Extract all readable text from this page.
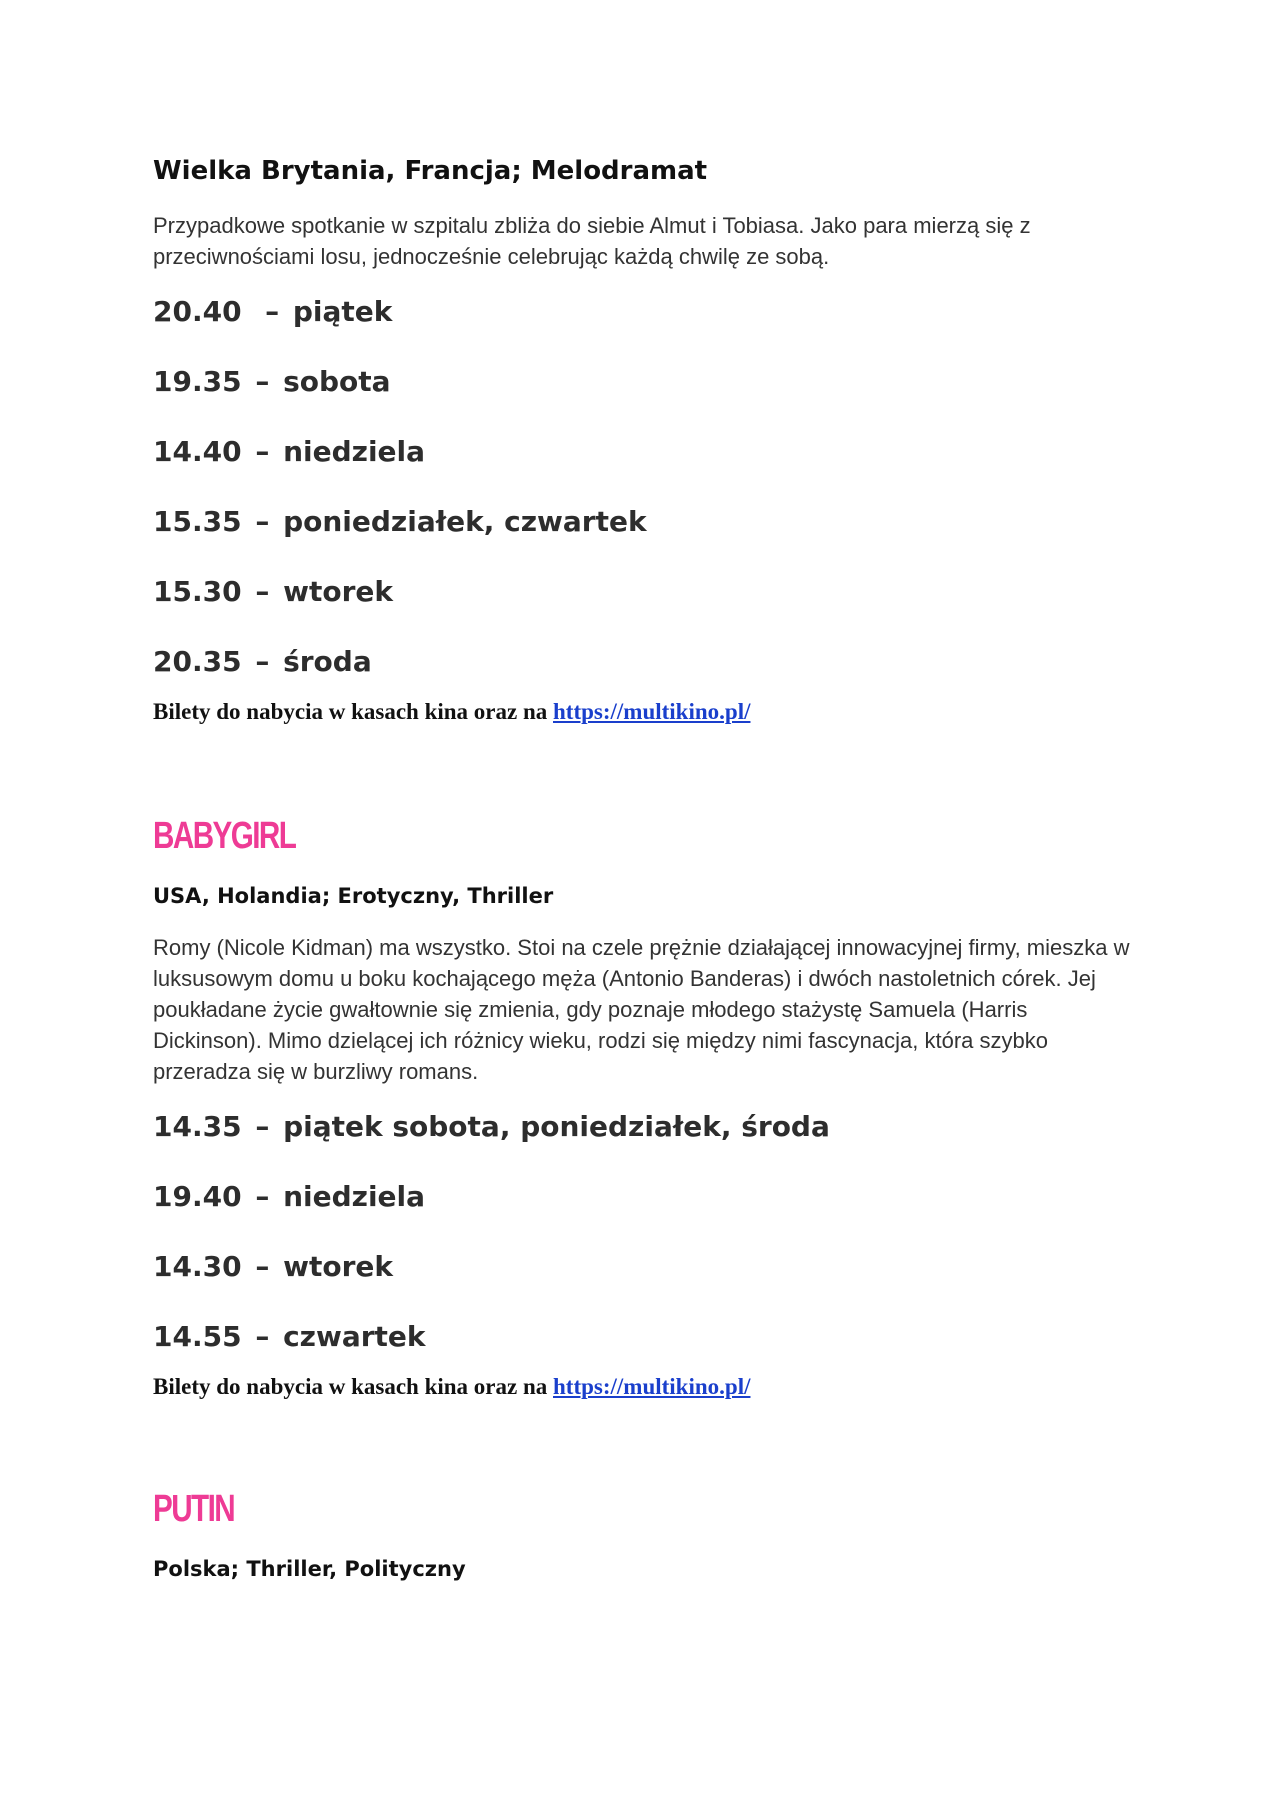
Wielka Brytania, Francja; Melodramat

Przypadkowe spotkanie w szpitalu zbliża do siebie Almut i Tobiasa. Jako para mierzą się z przeciwnościami losu, jednocześnie celebrując każdą chwilę ze sobą.

20.40  – piątek
19.35 – sobota
14.40 – niedziela
15.35 – poniedziałek, czwartek
15.30 – wtorek
20.35 – środa

Bilety do nabycia w kasach kina oraz na https://multikino.pl/

BABYGIRL

USA, Holandia; Erotyczny, Thriller

Romy (Nicole Kidman) ma wszystko. Stoi na czele prężnie działającej innowacyjnej firmy, mieszka w luksusowym domu u boku kochającego męża (Antonio Banderas) i dwóch nastoletnich córek. Jej poukładane życie gwałtownie się zmienia, gdy poznaje młodego stażystę Samuela (Harris Dickinson). Mimo dzielącej ich różnicy wieku, rodzi się między nimi fascynacja, która szybko przeradza się w burzliwy romans.

14.35 – piątek sobota, poniedziałek, środa
19.40 – niedziela
14.30 – wtorek
14.55 – czwartek

Bilety do nabycia w kasach kina oraz na https://multikino.pl/

PUTIN

Polska; Thriller, Polityczny
